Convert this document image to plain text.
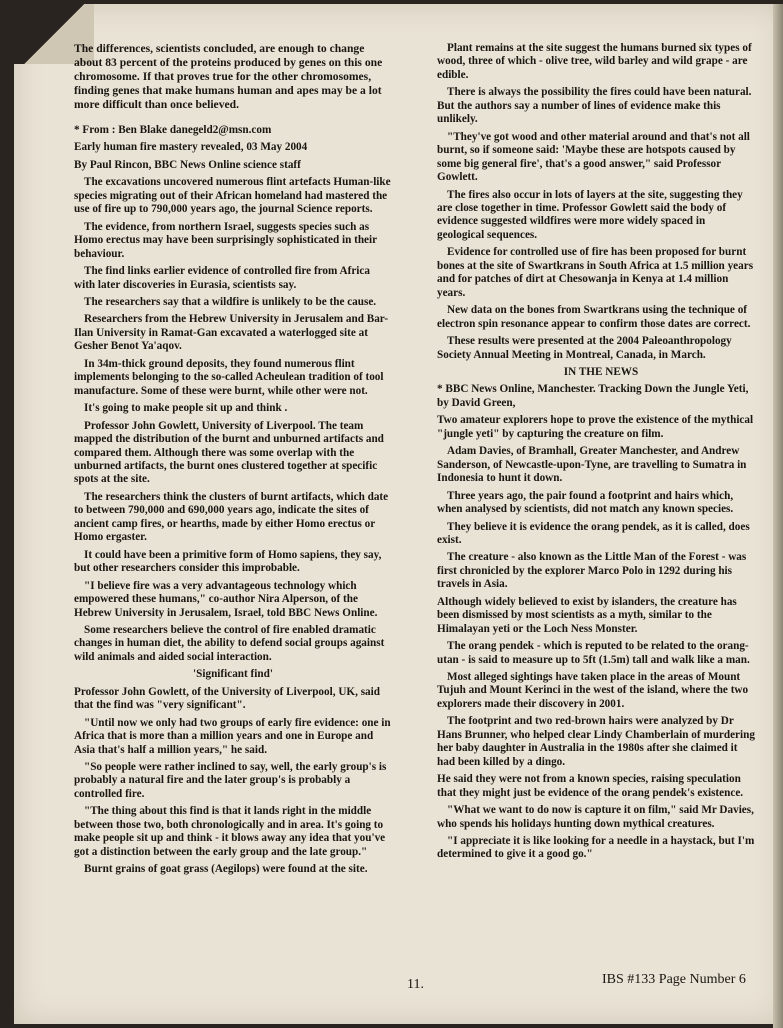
The differences, scientists concluded, are enough to change about 83 percent of the proteins produced by genes on this one chromosome. If that proves true for the other chromosomes, finding genes that make humans human and apes may be a lot more difficult than once believed.

* From : Ben Blake danegeld2@msn.com

Early human fire mastery revealed, 03 May 2004

By Paul Rincon, BBC News Online science staff

The excavations uncovered numerous flint artefacts Human-like species migrating out of their African homeland had mastered the use of fire up to 790,000 years ago, the journal Science reports.

The evidence, from northern Israel, suggests species such as Homo erectus may have been surprisingly sophisticated in their behaviour.

The find links earlier evidence of controlled fire from Africa with later discoveries in Eurasia, scientists say.

The researchers say that a wildfire is unlikely to be the cause.

Researchers from the Hebrew University in Jerusalem and Bar-Ilan University in Ramat-Gan excavated a waterlogged site at Gesher Benot Ya'aqov.

In 34m-thick ground deposits, they found numerous flint implements belonging to the so-called Acheulean tradition of tool manufacture. Some of these were burnt, while other were not.

It's going to make people sit up and think .

Professor John Gowlett, University of Liverpool. The team mapped the distribution of the burnt and unburned artifacts and compared them. Although there was some overlap with the unburned artifacts, the burnt ones clustered together at specific spots at the site.

The researchers think the clusters of burnt artifacts, which date to between 790,000 and 690,000 years ago, indicate the sites of ancient camp fires, or hearths, made by either Homo erectus or Homo ergaster.

It could have been a primitive form of Homo sapiens, they say, but other researchers consider this improbable.

"I believe fire was a very advantageous technology which empowered these humans," co-author Nira Alperson, of the Hebrew University in Jerusalem, Israel, told BBC News Online.

Some researchers believe the control of fire enabled dramatic changes in human diet, the ability to defend social groups against wild animals and aided social interaction.

'Significant find'

Professor John Gowlett, of the University of Liverpool, UK, said that the find was "very significant".

"Until now we only had two groups of early fire evidence: one in Africa that is more than a million years and one in Europe and Asia that's half a million years," he said.

"So people were rather inclined to say, well, the early group's is probably a natural fire and the later group's is probably a controlled fire.

"The thing about this find is that it lands right in the middle between those two, both chronologically and in area. It's going to make people sit up and think - it blows away any idea that you've got a distinction between the early group and the late group."

Burnt grains of goat grass (Aegilops) were found at the site.

Plant remains at the site suggest the humans burned six types of wood, three of which - olive tree, wild barley and wild grape - are edible.

There is always the possibility the fires could have been natural. But the authors say a number of lines of evidence make this unlikely.

"They've got wood and other material around and that's not all burnt, so if someone said: 'Maybe these are hotspots caused by some big general fire', that's a good answer," said Professor Gowlett.

The fires also occur in lots of layers at the site, suggesting they are close together in time. Professor Gowlett said the body of evidence suggested wildfires were more widely spaced in geological sequences.

Evidence for controlled use of fire has been proposed for burnt bones at the site of Swartkrans in South Africa at 1.5 million years and for patches of dirt at Chesowanja in Kenya at 1.4 million years.

New data on the bones from Swartkrans using the technique of electron spin resonance appear to confirm those dates are correct.

These results were presented at the 2004 Paleoanthropology Society Annual Meeting in Montreal, Canada, in March.

IN THE NEWS

* BBC News Online, Manchester. Tracking Down the Jungle Yeti, by David Green,

Two amateur explorers hope to prove the existence of the mythical "jungle yeti" by capturing the creature on film.

Adam Davies, of Bramhall, Greater Manchester, and Andrew Sanderson, of Newcastle-upon-Tyne, are travelling to Sumatra in Indonesia to hunt it down.

Three years ago, the pair found a footprint and hairs which, when analysed by scientists, did not match any known species.

They believe it is evidence the orang pendek, as it is called, does exist.

The creature - also known as the Little Man of the Forest - was first chronicled by the explorer Marco Polo in 1292 during his travels in Asia.

Although widely believed to exist by islanders, the creature has been dismissed by most scientists as a myth, similar to the Himalayan yeti or the Loch Ness Monster.

The orang pendek - which is reputed to be related to the orang-utan - is said to measure up to 5ft (1.5m) tall and walk like a man.

Most alleged sightings have taken place in the areas of Mount Tujuh and Mount Kerinci in the west of the island, where the two explorers made their discovery in 2001.

The footprint and two red-brown hairs were analyzed by Dr Hans Brunner, who helped clear Lindy Chamberlain of murdering her baby daughter in Australia in the 1980s after she claimed it had been killed by a dingo.

He said they were not from a known species, raising speculation that they might just be evidence of the orang pendek's existence.

"What we want to do now is capture it on film," said Mr Davies, who spends his holidays hunting down mythical creatures.

"I appreciate it is like looking for a needle in a haystack, but I'm determined to give it a good go."

11.	IBS #133 Page Number 6
